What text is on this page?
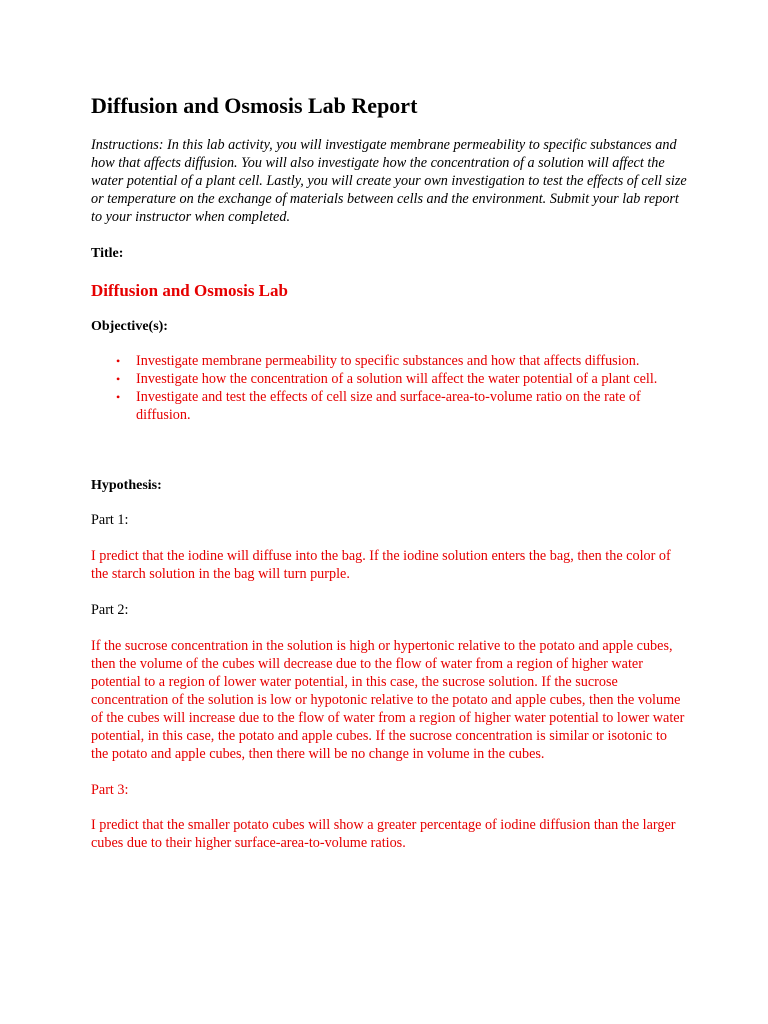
Diffusion and Osmosis Lab Report

Instructions: In this lab activity, you will investigate membrane permeability to specific substances and how that affects diffusion. You will also investigate how the concentration of a solution will affect the water potential of a plant cell. Lastly, you will create your own investigation to test the effects of cell size or temperature on the exchange of materials between cells and the environment. Submit your lab report to your instructor when completed.

Title:

Diffusion and Osmosis Lab

Objective(s):

• Investigate membrane permeability to specific substances and how that affects diffusion.
• Investigate how the concentration of a solution will affect the water potential of a plant cell.
• Investigate and test the effects of cell size and surface-area-to-volume ratio on the rate of diffusion.

Hypothesis:

Part 1:

I predict that the iodine will diffuse into the bag. If the iodine solution enters the bag, then the color of the starch solution in the bag will turn purple.

Part 2:

If the sucrose concentration in the solution is high or hypertonic relative to the potato and apple cubes, then the volume of the cubes will decrease due to the flow of water from a region of higher water potential to a region of lower water potential, in this case, the sucrose solution. If the sucrose concentration of the solution is low or hypotonic relative to the potato and apple cubes, then the volume of the cubes will increase due to the flow of water from a region of higher water potential to lower water potential, in this case, the potato and apple cubes. If the sucrose concentration is similar or isotonic to the potato and apple cubes, then there will be no change in volume in the cubes.

Part 3:

I predict that the smaller potato cubes will show a greater percentage of iodine diffusion than the larger cubes due to their higher surface-area-to-volume ratios.
